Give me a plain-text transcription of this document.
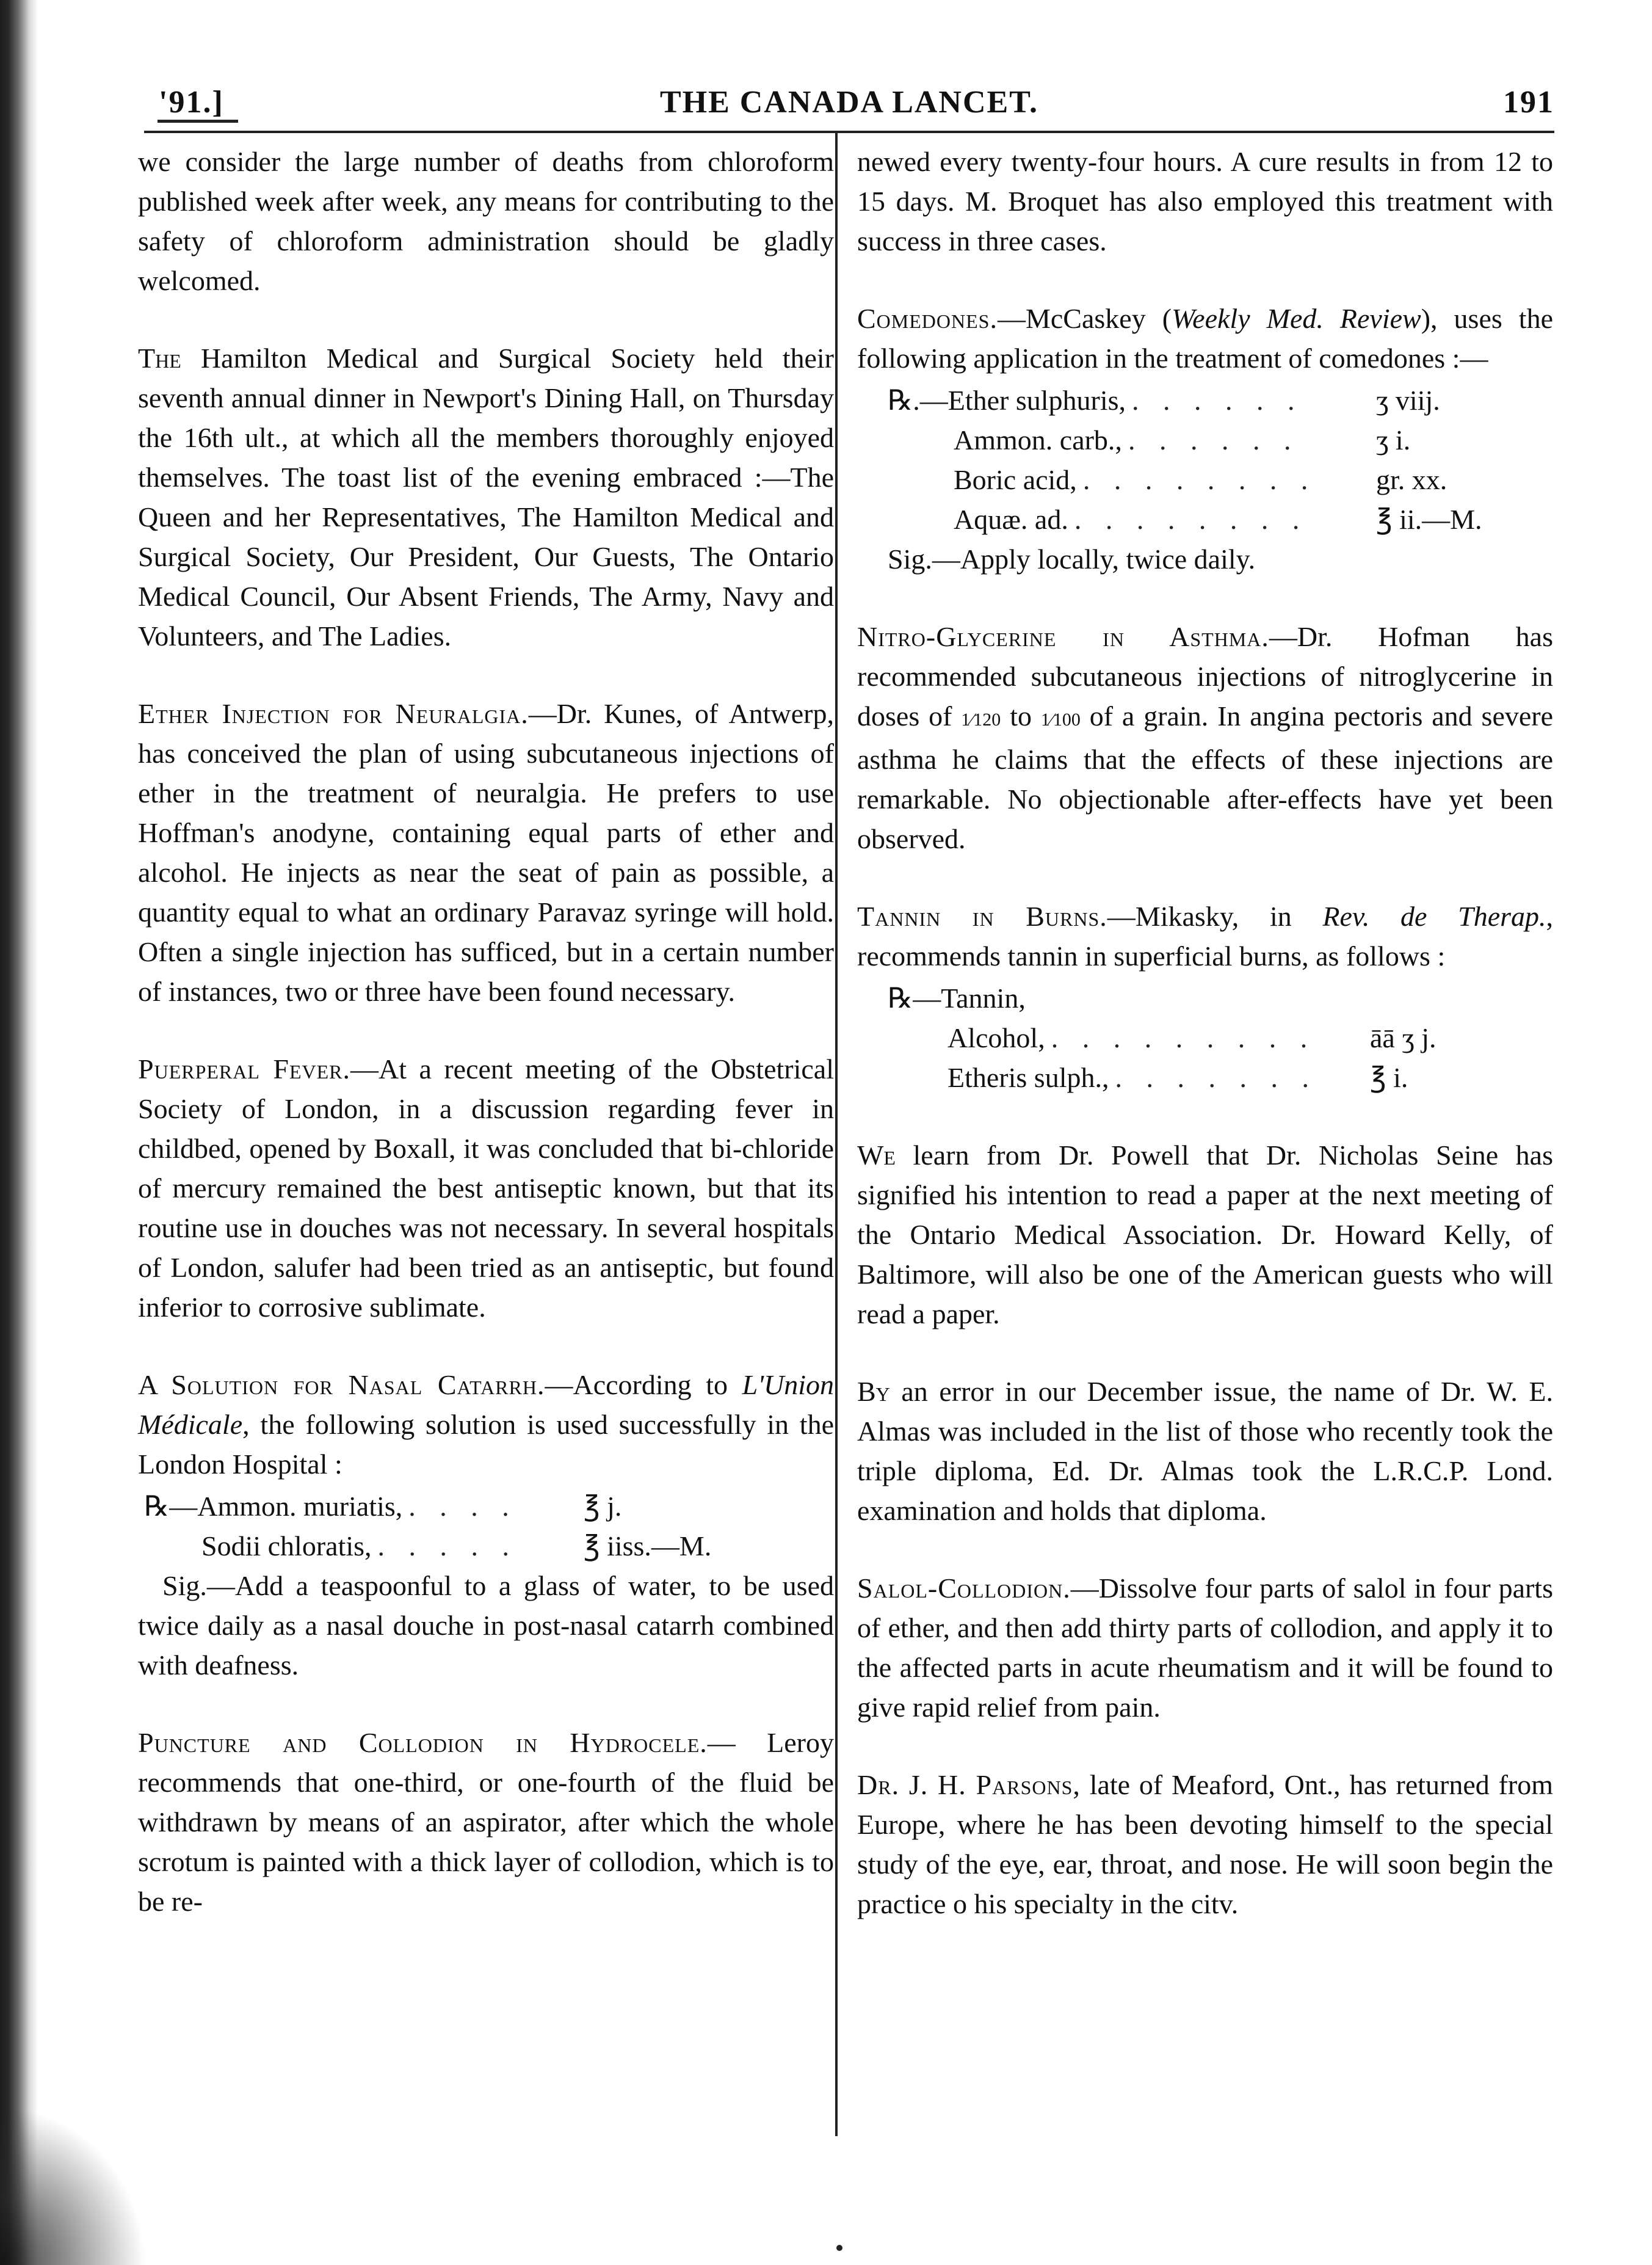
'91.]	THE CANADA LANCET.	191

we consider the large number of deaths from chloroform published week after week, any means for contributing to the safety of chloroform administration should be gladly welcomed.

The Hamilton Medical and Surgical Society held their seventh annual dinner in Newport's Dining Hall, on Thursday the 16th ult., at which all the members thoroughly enjoyed themselves. The toast list of the evening embraced :—The Queen and her Representatives, The Hamilton Medical and Surgical Society, Our President, Our Guests, The Ontario Medical Council, Our Absent Friends, The Army, Navy and Volunteers, and The Ladies.

Ether Injection for Neuralgia.—Dr. Kunes, of Antwerp, has conceived the plan of using subcutaneous injections of ether in the treatment of neuralgia. He prefers to use Hoffman's anodyne, containing equal parts of ether and alcohol. He injects as near the seat of pain as possible, a quantity equal to what an ordinary Paravaz syringe will hold. Often a single injection has sufficed, but in a certain number of instances, two or three have been found necessary.

Puerperal Fever.—At a recent meeting of the Obstetrical Society of London, in a discussion regarding fever in childbed, opened by Boxall, it was concluded that bi-chloride of mercury remained the best antiseptic known, but that its routine use in douches was not necessary. In several hospitals of London, salufer had been tried as an antiseptic, but found inferior to corrosive sublimate.

A Solution for Nasal Catarrh.—According to L'Union Médicale, the following solution is used successfully in the London Hospital :

℞—Ammon. muriatis, . . . .	℥ j.
Sodii chloratis, . . . . .	℥ iiss.—M.

Sig.—Add a teaspoonful to a glass of water, to be used twice daily as a nasal douche in post-nasal catarrh combined with deafness.

Puncture and Collodion in Hydrocele.— Leroy recommends that one-third, or one-fourth of the fluid be withdrawn by means of an aspirator, after which the whole scrotum is painted with a thick layer of collodion, which is to be re-

newed every twenty-four hours. A cure results in from 12 to 15 days. M. Broquet has also employed this treatment with success in three cases.

Comedones.—McCaskey (Weekly Med. Review), uses the following application in the treatment of comedones :—

℞.—Ether sulphuris, . . . . . .	ʒ viij.
Ammon. carb., . . . . . .	ʒ i.
Boric acid, . . . . . . . .	gr. xx.
Aquæ. ad. . . . . . . . .	℥ ii.—M.

Sig.—Apply locally, twice daily.

Nitro-Glycerine in Asthma.—Dr. Hofman has recommended subcutaneous injections of nitroglycerine in doses of 1⁄120 to 1⁄100 of a grain. In angina pectoris and severe asthma he claims that the effects of these injections are remarkable. No objectionable after-effects have yet been observed.

Tannin in Burns.—Mikasky, in Rev. de Therap., recommends tannin in superficial burns, as follows :

℞—Tannin,
Alcohol, . . . . . . . . .	āā ʒ j.
Etheris sulph., . . . . . . .	℥ i.

We learn from Dr. Powell that Dr. Nicholas Seine has signified his intention to read a paper at the next meeting of the Ontario Medical Association. Dr. Howard Kelly, of Baltimore, will also be one of the American guests who will read a paper.

By an error in our December issue, the name of Dr. W. E. Almas was included in the list of those who recently took the triple diploma, Ed. Dr. Almas took the L.R.C.P. Lond. examination and holds that diploma.

Salol-Collodion.—Dissolve four parts of salol in four parts of ether, and then add thirty parts of collodion, and apply it to the affected parts in acute rheumatism and it will be found to give rapid relief from pain.

Dr. J. H. Parsons, late of Meaford, Ont., has returned from Europe, where he has been devoting himself to the special study of the eye, ear, throat, and nose. He will soon begin the practice o his specialty in the citv.
